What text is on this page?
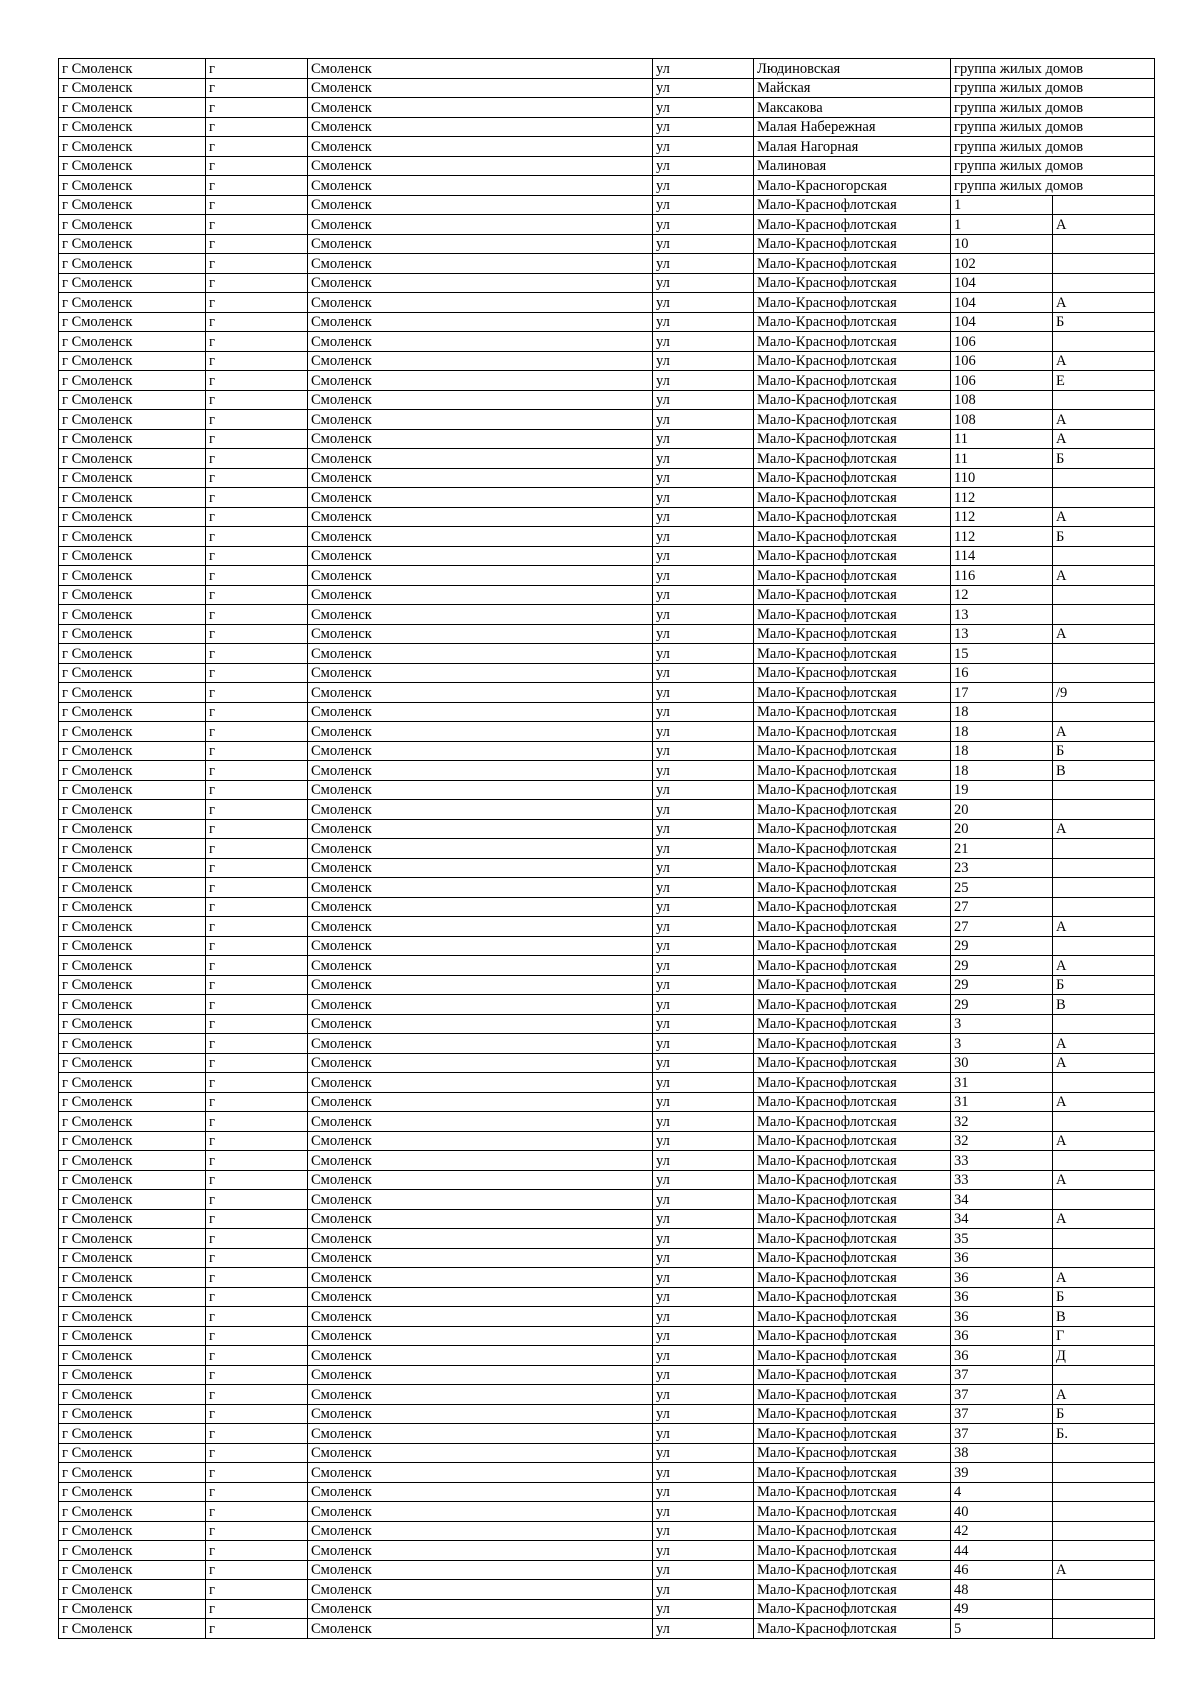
г Смоленск	г	Смоленск	ул	Людиновская	группа жилых домов	
г Смоленск	г	Смоленск	ул	Майская	группа жилых домов	
г Смоленск	г	Смоленск	ул	Максакова	группа жилых домов	
г Смоленск	г	Смоленск	ул	Малая Набережная	группа жилых домов	
г Смоленск	г	Смоленск	ул	Малая Нагорная	группа жилых домов	
г Смоленск	г	Смоленск	ул	Малиновая	группа жилых домов	
г Смоленск	г	Смоленск	ул	Мало-Красногорская	группа жилых домов	
г Смоленск	г	Смоленск	ул	Мало-Краснофлотская	1	
г Смоленск	г	Смоленск	ул	Мало-Краснофлотская	1	А
г Смоленск	г	Смоленск	ул	Мало-Краснофлотская	10	
г Смоленск	г	Смоленск	ул	Мало-Краснофлотская	102	
г Смоленск	г	Смоленск	ул	Мало-Краснофлотская	104	
г Смоленск	г	Смоленск	ул	Мало-Краснофлотская	104	А
г Смоленск	г	Смоленск	ул	Мало-Краснофлотская	104	Б
г Смоленск	г	Смоленск	ул	Мало-Краснофлотская	106	
г Смоленск	г	Смоленск	ул	Мало-Краснофлотская	106	А
г Смоленск	г	Смоленск	ул	Мало-Краснофлотская	106	Е
г Смоленск	г	Смоленск	ул	Мало-Краснофлотская	108	
г Смоленск	г	Смоленск	ул	Мало-Краснофлотская	108	А
г Смоленск	г	Смоленск	ул	Мало-Краснофлотская	11	А
г Смоленск	г	Смоленск	ул	Мало-Краснофлотская	11	Б
г Смоленск	г	Смоленск	ул	Мало-Краснофлотская	110	
г Смоленск	г	Смоленск	ул	Мало-Краснофлотская	112	
г Смоленск	г	Смоленск	ул	Мало-Краснофлотская	112	А
г Смоленск	г	Смоленск	ул	Мало-Краснофлотская	112	Б
г Смоленск	г	Смоленск	ул	Мало-Краснофлотская	114	
г Смоленск	г	Смоленск	ул	Мало-Краснофлотская	116	А
г Смоленск	г	Смоленск	ул	Мало-Краснофлотская	12	
г Смоленск	г	Смоленск	ул	Мало-Краснофлотская	13	
г Смоленск	г	Смоленск	ул	Мало-Краснофлотская	13	А
г Смоленск	г	Смоленск	ул	Мало-Краснофлотская	15	
г Смоленск	г	Смоленск	ул	Мало-Краснофлотская	16	
г Смоленск	г	Смоленск	ул	Мало-Краснофлотская	17	/9
г Смоленск	г	Смоленск	ул	Мало-Краснофлотская	18	
г Смоленск	г	Смоленск	ул	Мало-Краснофлотская	18	А
г Смоленск	г	Смоленск	ул	Мало-Краснофлотская	18	Б
г Смоленск	г	Смоленск	ул	Мало-Краснофлотская	18	В
г Смоленск	г	Смоленск	ул	Мало-Краснофлотская	19	
г Смоленск	г	Смоленск	ул	Мало-Краснофлотская	20	
г Смоленск	г	Смоленск	ул	Мало-Краснофлотская	20	А
г Смоленск	г	Смоленск	ул	Мало-Краснофлотская	21	
г Смоленск	г	Смоленск	ул	Мало-Краснофлотская	23	
г Смоленск	г	Смоленск	ул	Мало-Краснофлотская	25	
г Смоленск	г	Смоленск	ул	Мало-Краснофлотская	27	
г Смоленск	г	Смоленск	ул	Мало-Краснофлотская	27	А
г Смоленск	г	Смоленск	ул	Мало-Краснофлотская	29	
г Смоленск	г	Смоленск	ул	Мало-Краснофлотская	29	А
г Смоленск	г	Смоленск	ул	Мало-Краснофлотская	29	Б
г Смоленск	г	Смоленск	ул	Мало-Краснофлотская	29	В
г Смоленск	г	Смоленск	ул	Мало-Краснофлотская	3	
г Смоленск	г	Смоленск	ул	Мало-Краснофлотская	3	А
г Смоленск	г	Смоленск	ул	Мало-Краснофлотская	30	А
г Смоленск	г	Смоленск	ул	Мало-Краснофлотская	31	
г Смоленск	г	Смоленск	ул	Мало-Краснофлотская	31	А
г Смоленск	г	Смоленск	ул	Мало-Краснофлотская	32	
г Смоленск	г	Смоленск	ул	Мало-Краснофлотская	32	А
г Смоленск	г	Смоленск	ул	Мало-Краснофлотская	33	
г Смоленск	г	Смоленск	ул	Мало-Краснофлотская	33	А
г Смоленск	г	Смоленск	ул	Мало-Краснофлотская	34	
г Смоленск	г	Смоленск	ул	Мало-Краснофлотская	34	А
г Смоленск	г	Смоленск	ул	Мало-Краснофлотская	35	
г Смоленск	г	Смоленск	ул	Мало-Краснофлотская	36	
г Смоленск	г	Смоленск	ул	Мало-Краснофлотская	36	А
г Смоленск	г	Смоленск	ул	Мало-Краснофлотская	36	Б
г Смоленск	г	Смоленск	ул	Мало-Краснофлотская	36	В
г Смоленск	г	Смоленск	ул	Мало-Краснофлотская	36	Г
г Смоленск	г	Смоленск	ул	Мало-Краснофлотская	36	Д
г Смоленск	г	Смоленск	ул	Мало-Краснофлотская	37	
г Смоленск	г	Смоленск	ул	Мало-Краснофлотская	37	А
г Смоленск	г	Смоленск	ул	Мало-Краснофлотская	37	Б
г Смоленск	г	Смоленск	ул	Мало-Краснофлотская	37	Б.
г Смоленск	г	Смоленск	ул	Мало-Краснофлотская	38	
г Смоленск	г	Смоленск	ул	Мало-Краснофлотская	39	
г Смоленск	г	Смоленск	ул	Мало-Краснофлотская	4	
г Смоленск	г	Смоленск	ул	Мало-Краснофлотская	40	
г Смоленск	г	Смоленск	ул	Мало-Краснофлотская	42	
г Смоленск	г	Смоленск	ул	Мало-Краснофлотская	44	
г Смоленск	г	Смоленск	ул	Мало-Краснофлотская	46	А
г Смоленск	г	Смоленск	ул	Мало-Краснофлотская	48	
г Смоленск	г	Смоленск	ул	Мало-Краснофлотская	49	
г Смоленск	г	Смоленск	ул	Мало-Краснофлотская	5	
